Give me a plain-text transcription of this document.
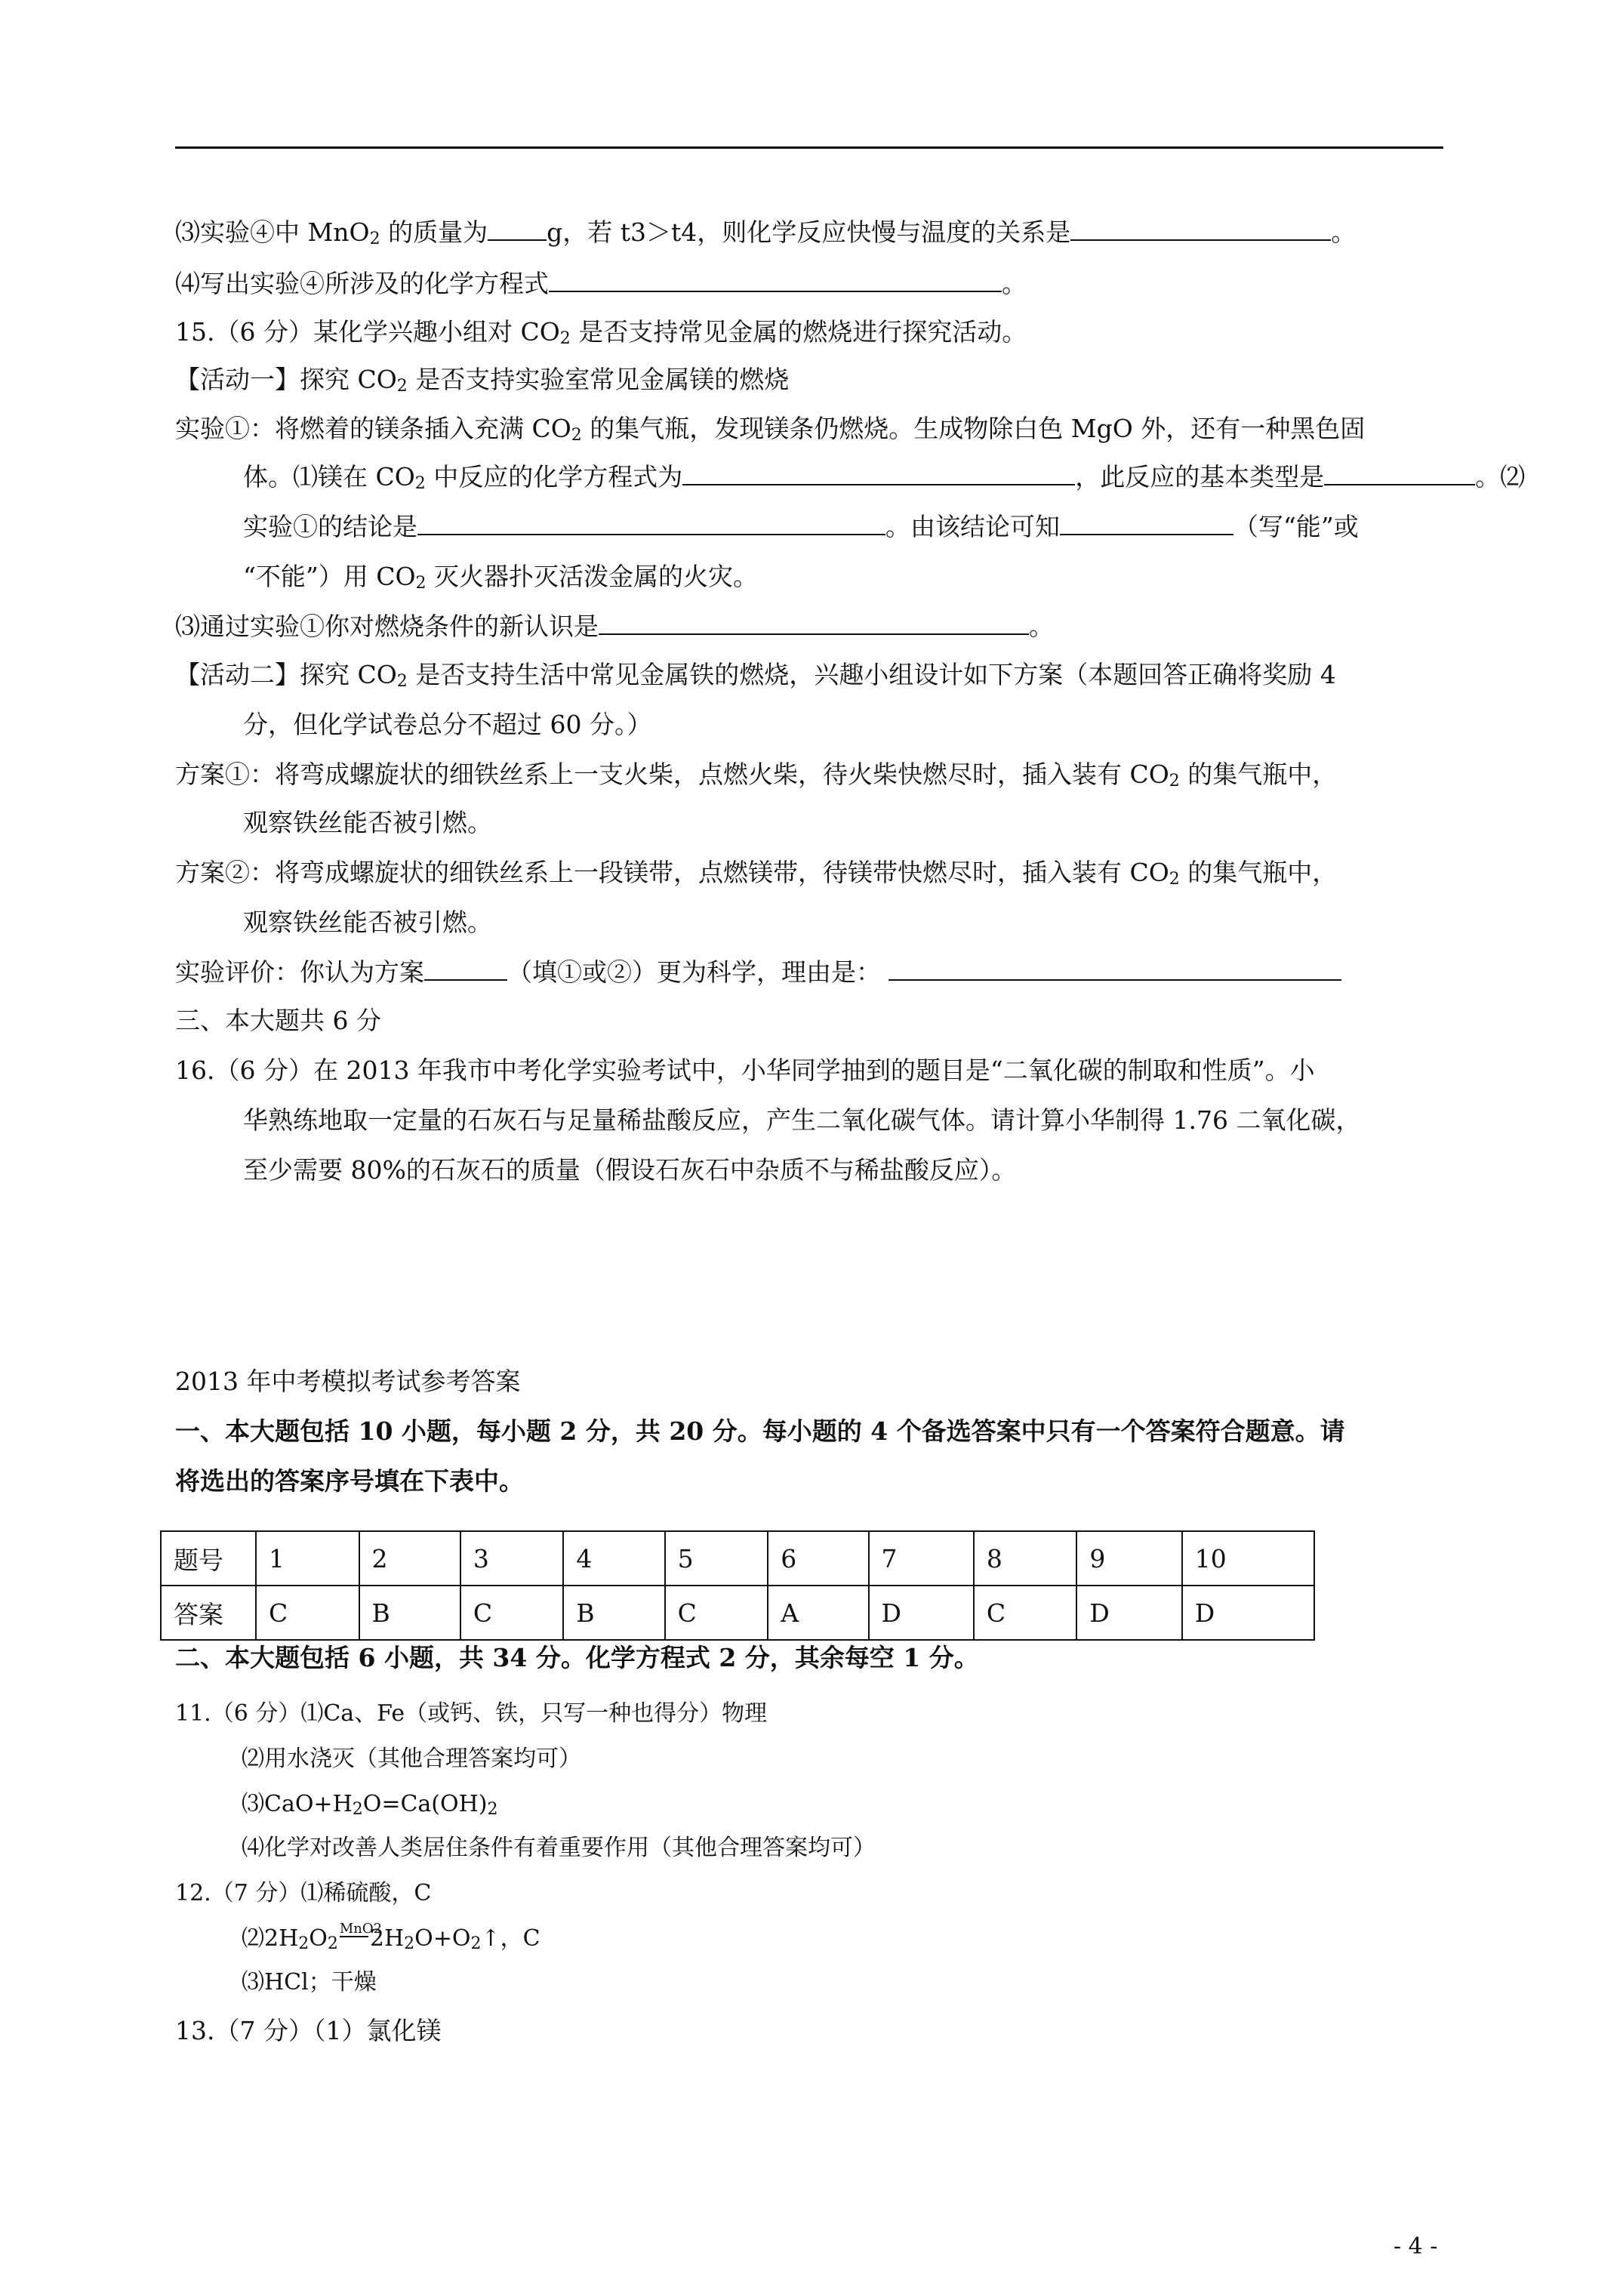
⑶实验④中 MnO$_2$ 的质量为 g，若 t3＞t4，则化学反应快慢与温度的关系是	。
⑷写出实验④所涉及的化学方程式	。
15.（6 分）某化学兴趣小组对 $CO_2$ 是否支持常见金属的燃烧进行探究活动。
【活动一】探究 $CO_2$ 是否支持实验室常见金属镁的燃烧
实验①：将燃着的镁条插入充满 $CO_2$ 的集气瓶，发现镁条仍燃烧。生成物除白色 MgO 外，还有一种黑色固
体。⑴镁在 $CO_2$ 中反应的化学方程式为	，此反应的基本类型是	。⑵
实验①的结论是	。由该结论可知	（写“能”或
“不能”）用 $CO_2$ 灭火器扑灭活泼金属的火灾。
⑶通过实验①你对燃烧条件的新认识是	。
【活动二】探究 $CO_2$ 是否支持生活中常见金属铁的燃烧，兴趣小组设计如下方案（本题回答正确将奖励 4
分，但化学试卷总分不超过 60 分。）
方案①：将弯成螺旋状的细铁丝系上一支火柴，点燃火柴，待火柴快燃尽时，插入装有 $CO_2$ 的集气瓶中，
观察铁丝能否被引燃。
方案②：将弯成螺旋状的细铁丝系上一段镁带，点燃镁带，待镁带快燃尽时，插入装有 $CO_2$ 的集气瓶中，
观察铁丝能否被引燃。
实验评价：你认为方案	（填①或②）更为科学，理由是：
三、本大题共 6 分
16.（6 分）在 2013 年我市中考化学实验考试中，小华同学抽到的题目是“二氧化碳的制取和性质”。小
华熟练地取一定量的石灰石与足量稀盐酸反应，产生二氧化碳气体。请计算小华制得 1.76 二氧化碳，
至少需要 80%的石灰石的质量（假设石灰石中杂质不与稀盐酸反应）。
2013 年中考模拟考试参考答案
一、本大题包括 10 小题，每小题 2 分，共 20 分。每小题的 4 个备选答案中只有一个答案符合题意。请
将选出的答案序号填在下表中。
题号	1	2	3	4	5	6	7	8	9	10
答案	C	B	C	B	C	A	D	C	D	D
二、本大题包括 6 小题，共 34 分。化学方程式 2 分，其余每空 1 分。
11.（6 分）⑴Ca、Fe（或钙、铁，只写一种也得分）物理
⑵用水浇灭（其他合理答案均可）
$⑶CaO+H_2O=Ca(OH)_2$
⑷化学对改善人类居住条件有着重要作用（其他合理答案均可）
12.（7 分）⑴稀硫酸，C
$⑵2H_2O_2MnO22H_2O+O_2↑$，C
⑶HCl；干燥
13.（7 分）（1）氯化镁
- 4 -
